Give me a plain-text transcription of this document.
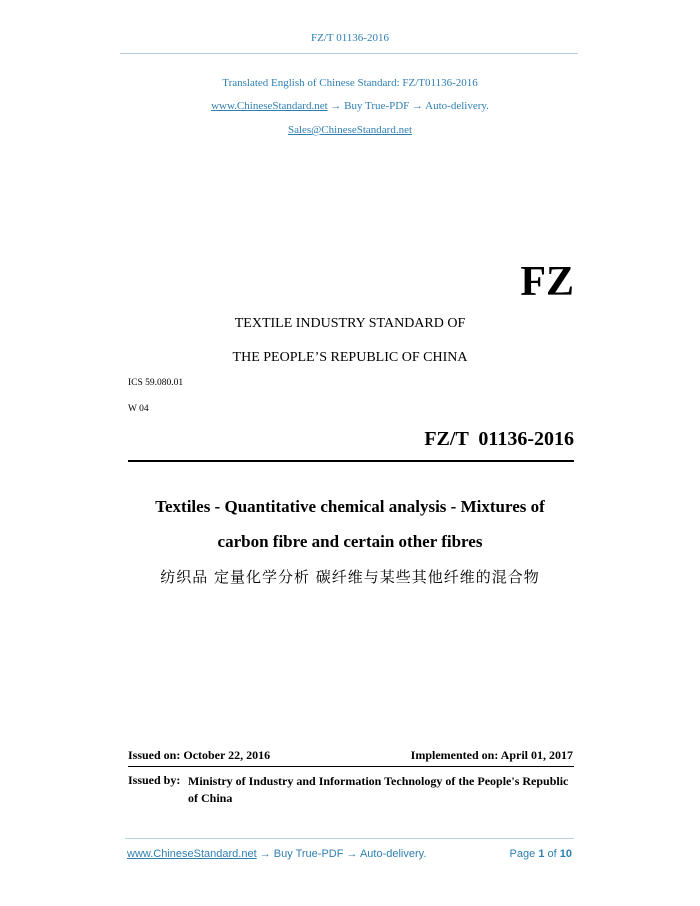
FZ/T 01136-2016
Translated English of Chinese Standard: FZ/T01136-2016
www.ChineseStandard.net → Buy True-PDF → Auto-delivery.
Sales@ChineseStandard.net
FZ
TEXTILE INDUSTRY STANDARD OF
THE PEOPLE’S REPUBLIC OF CHINA
ICS 59.080.01
W 04
FZ/T  01136-2016
Textiles - Quantitative chemical analysis - Mixtures of
carbon fibre and certain other fibres
纺织品 定量化学分析 碳纤维与某些其他纤维的混合物
Issued on: October 22, 2016	Implemented on: April 01, 2017
Issued by: Ministry of Industry and Information Technology of the People's Republic of China
www.ChineseStandard.net → Buy True-PDF → Auto-delivery.	Page 1 of 10
